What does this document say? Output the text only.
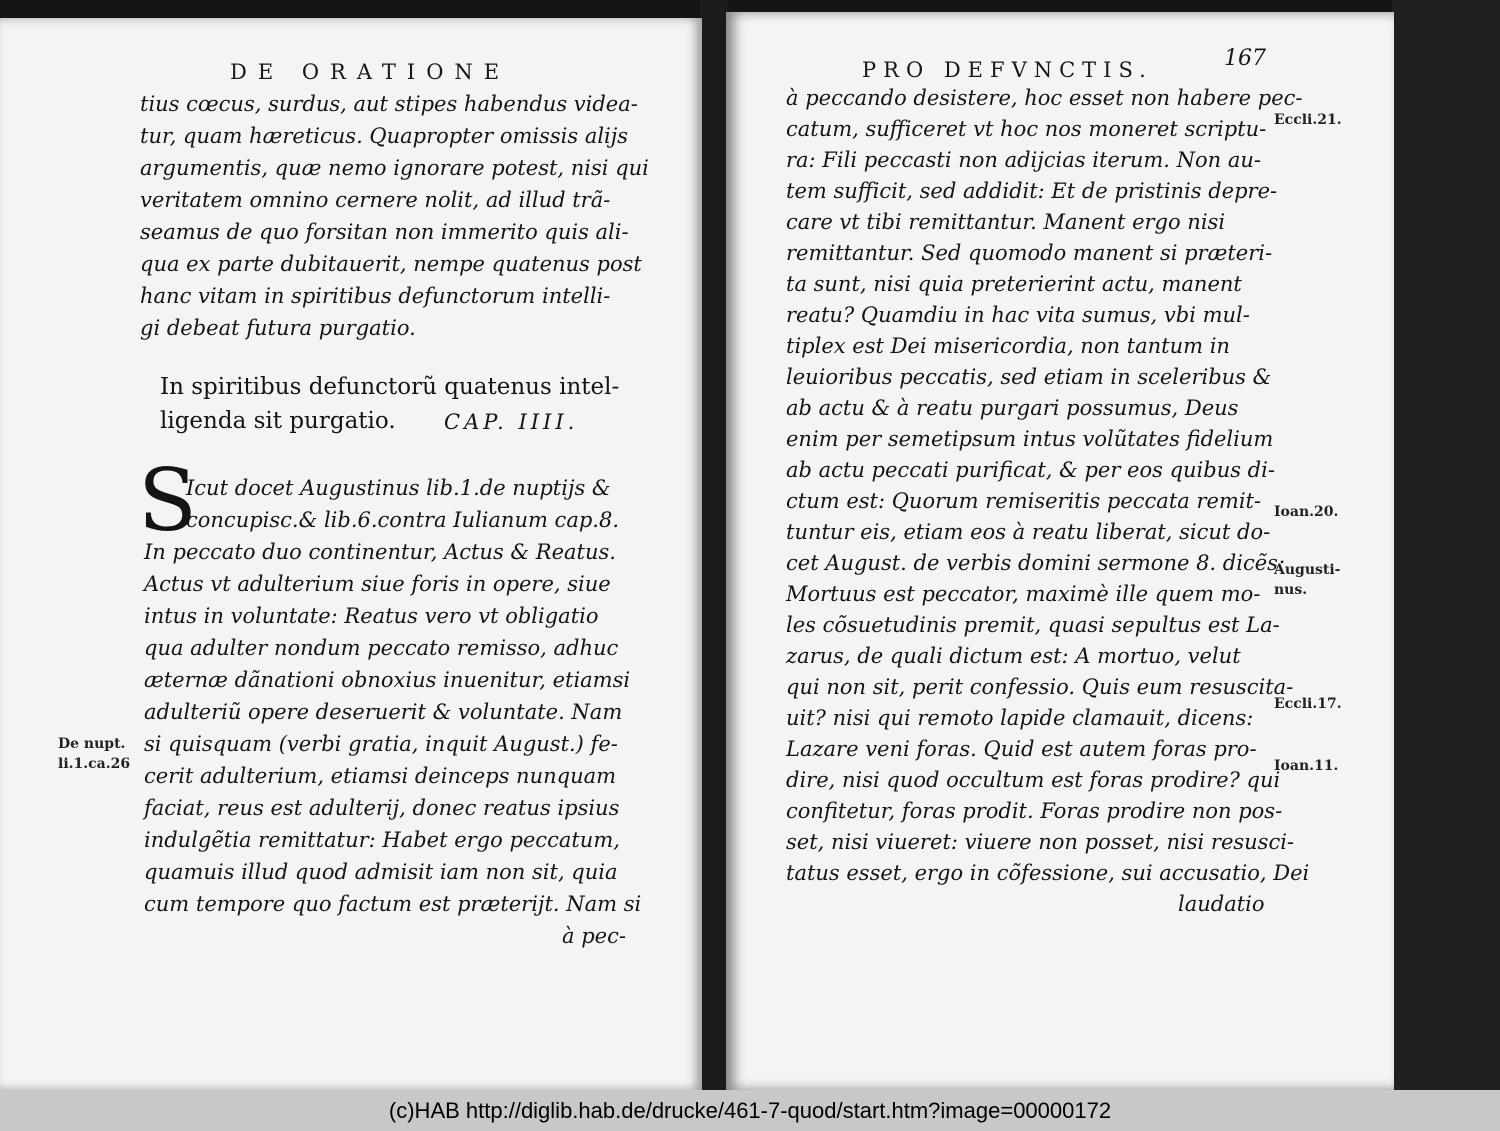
DE ORATIONE
tius cœcus, surdus, aut stipes habendus videa-
tur, quam hæreticus. Quapropter omissis alijs
argumentis, quæ nemo ignorare potest, nisi qui
veritatem omnino cernere nolit, ad illud trã-
seamus de quo forsitan non immerito quis ali-
qua ex parte dubitauerit, nempe quatenus post
hanc vitam in spiritibus defunctorum intelli-
gi debeat futura purgatio.
In spiritibus defunctorũ quatenus intel-
ligenda sit purgatio. CAP. IIII.
S
Icut docet Augustinus lib.1.de nuptijs &
concupisc.& lib.6.contra Iulianum cap.8.
In peccato duo continentur, Actus & Reatus.
Actus vt adulterium siue foris in opere, siue
intus in voluntate: Reatus vero vt obligatio
qua adulter nondum peccato remisso, adhuc
æternæ dãnationi obnoxius inuenitur, etiamsi
adulteriũ opere deseruerit & voluntate. Nam
si quisquam (verbi gratia, inquit August.) fe-
cerit adulterium, etiamsi deinceps nunquam
faciat, reus est adulterij, donec reatus ipsius
indulgẽtia remittatur: Habet ergo peccatum,
quamuis illud quod admisit iam non sit, quia
cum tempore quo factum est præterijt. Nam si
à pec-
De nupt.
li.1.ca.26
PRO DEFVNCTIS.	167
à peccando desistere, hoc esset non habere pec-
catum, sufficeret vt hoc nos moneret scriptu-
ra: Fili peccasti non adijcias iterum. Non au-
tem sufficit, sed addidit: Et de pristinis depre-
care vt tibi remittantur. Manent ergo nisi
remittantur. Sed quomodo manent si præteri-
ta sunt, nisi quia preterierint actu, manent
reatu? Quamdiu in hac vita sumus, vbi mul-
tiplex est Dei misericordia, non tantum in
leuioribus peccatis, sed etiam in sceleribus &
ab actu & à reatu purgari possumus, Deus
enim per semetipsum intus volũtates fidelium
ab actu peccati purificat, & per eos quibus di-
ctum est: Quorum remiseritis peccata remit-
tuntur eis, etiam eos à reatu liberat, sicut do-
cet August. de verbis domini sermone 8. dicẽs:
Mortuus est peccator, maximè ille quem mo-
les cõsuetudinis premit, quasi sepultus est La-
zarus, de quali dictum est: A mortuo, velut
qui non sit, perit confessio. Quis eum resuscita-
uit? nisi qui remoto lapide clamauit, dicens:
Lazare veni foras. Quid est autem foras pro-
dire, nisi quod occultum est foras prodire? qui
confitetur, foras prodit. Foras prodire non pos-
set, nisi viueret: viuere non posset, nisi resusci-
tatus esset, ergo in cõfessione, sui accusatio, Dei
laudatio
Eccli.21.
Ioan.20.
Augusti-
nus.
Eccli.17.
Ioan.11.
(c)HAB http://diglib.hab.de/drucke/461-7-quod/start.htm?image=00000172
